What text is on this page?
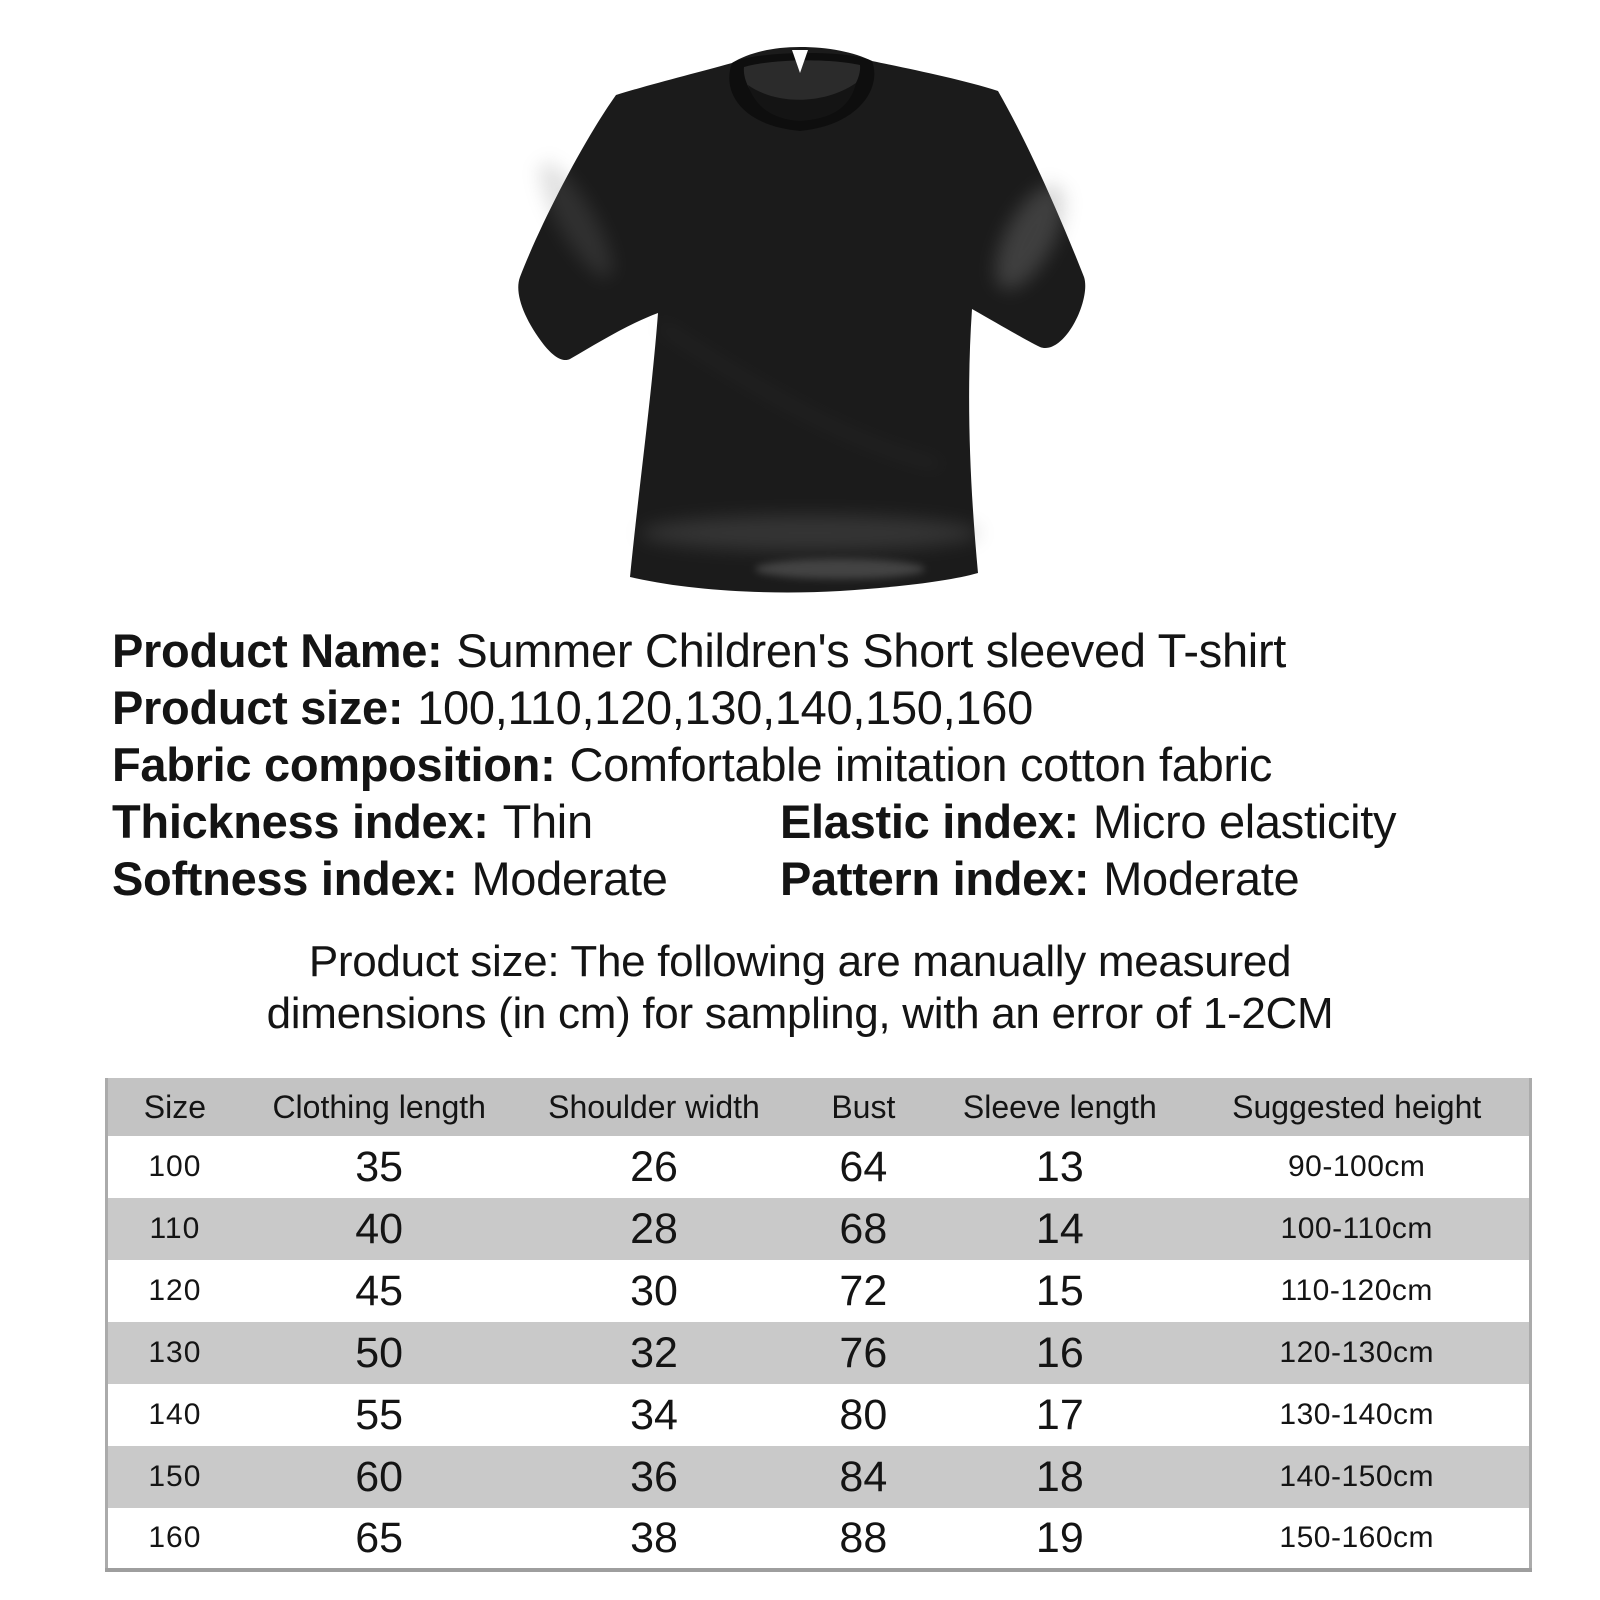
Product Name: Summer Children's Short sleeved T-shirt
Product size: 100,110,120,130,140,150,160
Fabric composition: Comfortable imitation cotton fabric
Thickness index: Thin	Elastic index: Micro elasticity
Softness index: Moderate Pattern index: Moderate
Product size: The following are manually measured
dimensions (in cm) for sampling, with an error of 1-2CM
Size	Clothing length	Shoulder width	Bust	Sleeve length	Suggested height
100	35	26	64	13	90-100cm
110	40	28	68	14	100-110cm
120	45	30	72	15	110-120cm
130	50	32	76	16	120-130cm
140	55	34	80	17	130-140cm
150	60	36	84	18	140-150cm
160	65	38	88	19	150-160cm
